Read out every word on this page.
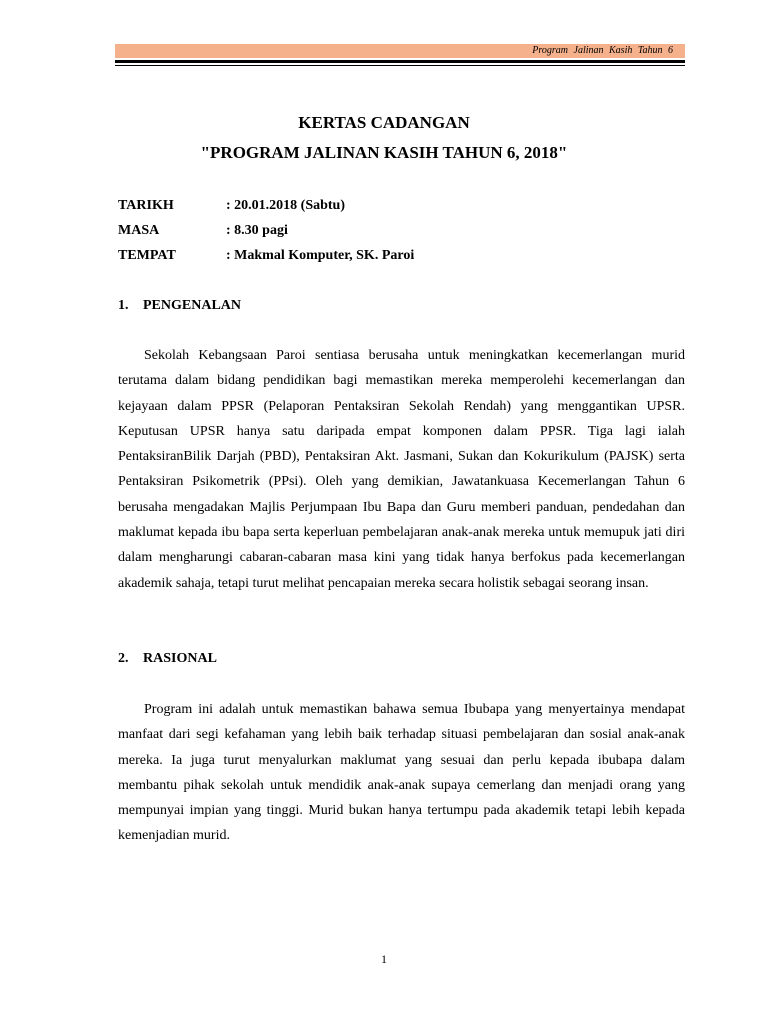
Program Jalinan Kasih Tahun 6
KERTAS CADANGAN
"PROGRAM JALINAN KASIH TAHUN 6, 2018"
TARIKH	: 20.01.2018 (Sabtu)
MASA	: 8.30 pagi
TEMPAT	: Makmal Komputer, SK. Paroi
1. PENGENALAN

Sekolah Kebangsaan Paroi sentiasa berusaha untuk meningkatkan kecemerlangan murid terutama dalam bidang pendidikan bagi memastikan mereka memperolehi kecemerlangan dan kejayaan dalam PPSR (Pelaporan Pentaksiran Sekolah Rendah) yang menggantikan UPSR. Keputusan UPSR hanya satu daripada empat komponen dalam PPSR. Tiga lagi ialah PentaksiranBilik Darjah (PBD), Pentaksiran Akt. Jasmani, Sukan dan Kokurikulum (PAJSK) serta Pentaksiran Psikometrik (PPsi). Oleh yang demikian, Jawatankuasa Kecemerlangan Tahun 6 berusaha mengadakan Majlis Perjumpaan Ibu Bapa dan Guru memberi panduan, pendedahan dan maklumat kepada ibu bapa serta keperluan pembelajaran anak-anak mereka untuk memupuk jati diri dalam mengharungi cabaran-cabaran masa kini yang tidak hanya berfokus pada kecemerlangan akademik sahaja, tetapi turut melihat pencapaian mereka secara holistik sebagai seorang insan.

2. RASIONAL

Program ini adalah untuk memastikan bahawa semua Ibubapa yang menyertainya mendapat manfaat dari segi kefahaman yang lebih baik terhadap situasi pembelajaran dan sosial anak-anak mereka. Ia juga turut menyalurkan maklumat yang sesuai dan perlu kepada ibubapa dalam membantu pihak sekolah untuk mendidik anak-anak supaya cemerlang dan menjadi orang yang mempunyai impian yang tinggi. Murid bukan hanya tertumpu pada akademik tetapi lebih kepada kemenjadian murid.

1
